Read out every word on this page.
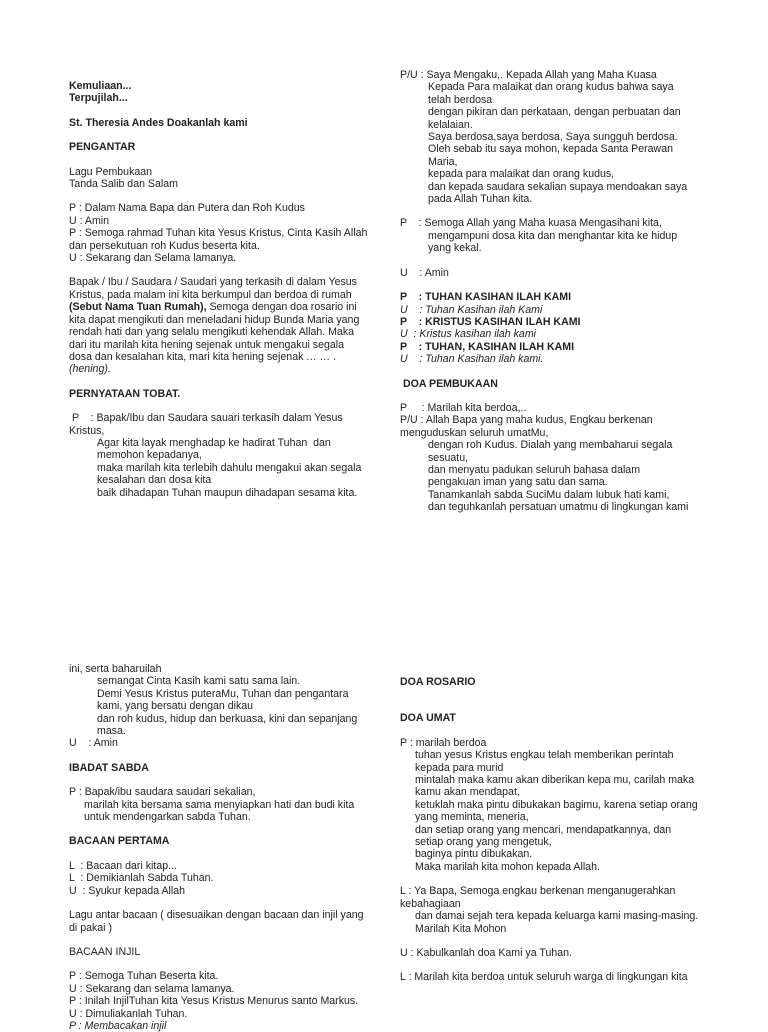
Kemuliaan...

Terpujilah...

St. Theresia Andes Doakanlah kami

PENGANTAR

Lagu Pembukaan

Tanda Salib dan Salam

P : Dalam Nama Bapa dan Putera dan Roh Kudus

U : Amin

P : Semoga rahmad Tuhan kita Yesus Kristus, Cinta Kasih Allah dan persekutuan roh Kudus beserta kita.

U : Sekarang dan Selama lamanya.

Bapak / Ibu / Saudara / Saudari yang terkasih di dalam Yesus Kristus, pada malam ini kita berkumpul dan berdoa di rumah (Sebut Nama Tuan Rumah), Semoga dengan doa rosario ini kita dapat mengikuti dan meneladani hidup Bunda Maria yang rendah hati dan yang selalu mengikuti kehendak Allah. Maka dari itu marilah kita hening sejenak untuk mengakui segala dosa dan kesalahan kita, mari kita hening sejenak … … .(hening).

PERNYATAAN TOBAT.

P    : Bapak/Ibu dan Saudara sauari terkasih dalam Yesus Kristus,

Agar kita layak menghadap ke hadirat Tuhan  dan memohon kepadanya,

maka marilah kita terlebih dahulu mengakui akan segala kesalahan dan dosa kita

baik dihadapan Tuhan maupun dihadapan sesama kita.

P/U : Saya Mengaku,. Kepada Allah yang Maha Kuasa

Kepada Para malaikat dan orang kudus bahwa saya telah berdosa

dengan pikiran dan perkataan, dengan perbuatan dan kelalaian.

Saya berdosa,saya berdosa, Saya sungguh berdosa.

Oleh sebab itu saya mohon, kepada Santa Perawan Maria,

kepada para malaikat dan orang kudus,

dan kepada saudara sekalian supaya mendoakan saya pada Allah Tuhan kita.

P    : Semoga Allah yang Maha kuasa Mengasihani kita,

mengampuni dosa kita dan menghantar kita ke hidup yang kekal.

U    : Amin

P    : TUHAN KASIHAN ILAH KAMI

U    : Tuhan Kasihan ilah Kami

P    : KRISTUS KASIHAN ILAH KAMI

U  : Kristus kasihan ilah kami

P    : TUHAN, KASIHAN ILAH KAMI

U    : Tuhan Kasihan ilah kami.

DOA PEMBUKAAN

P     : Marilah kita berdoa,..

P/U : Allah Bapa yang maha kudus, Engkau berkenan menguduskan seluruh umatMu,

dengan roh Kudus. Dialah yang membaharui segala sesuatu,

dan menyatu padukan seluruh bahasa dalam pengakuan iman yang satu dan sama.

Tanamkanlah sabda SuciMu dalam lubuk hati kami,

dan teguhkanlah persatuan umatmu di lingkungan kami

ini, serta baharuilah

semangat Cinta Kasih kami satu sama lain.

Demi Yesus Kristus puteraMu, Tuhan dan pengantara kami, yang bersatu dengan dikau

dan roh kudus, hidup dan berkuasa, kini dan sepanjang masa.

U    : Amin

IBADAT SABDA

P : Bapak/ibu saudara saudari sekalian,

marilah kita bersama sama menyiapkan hati dan budi kita

untuk mendengarkan sabda Tuhan.

BACAAN PERTAMA

L  : Bacaan dari kitap...

L  : Demikianlah Sabda Tuhan.

U  : Syukur kepada Allah

Lagu antar bacaan ( disesuaikan dengan bacaan dan injil yang di pakai )

BACAAN INJIL

P : Semoga Tuhan Beserta kita.

U : Sekarang dan selama lamanya.

P : Inilah InjilTuhan kita Yesus Kristus Menurus santo Markus.

U : Dimuliakanlah Tuhan.

P : Membacakan injil

DOA ROSARIO

DOA UMAT

P : marilah berdoa

tuhan yesus Kristus engkau telah memberikan perintah kepada para murid

mintalah maka kamu akan diberikan kepa mu, carilah maka kamu akan mendapat,

ketuklah maka pintu dibukakan bagimu, karena setiap orang yang meminta, meneria,

dan setiap orang yang mencari, mendapatkannya, dan setiap orang yang mengetuk,

baginya pintu dibukakan.

Maka marilah kita mohon kepada Allah.

L : Ya Bapa, Semoga engkau berkenan menganugerahkan kebahagiaan

dan damai sejah tera kepada keluarga kami masing-masing. Marilah Kita Mohon

U : Kabulkanlah doa Kami ya Tuhan.

L : Marilah kita berdoa untuk seluruh warga di lingkungan kita
